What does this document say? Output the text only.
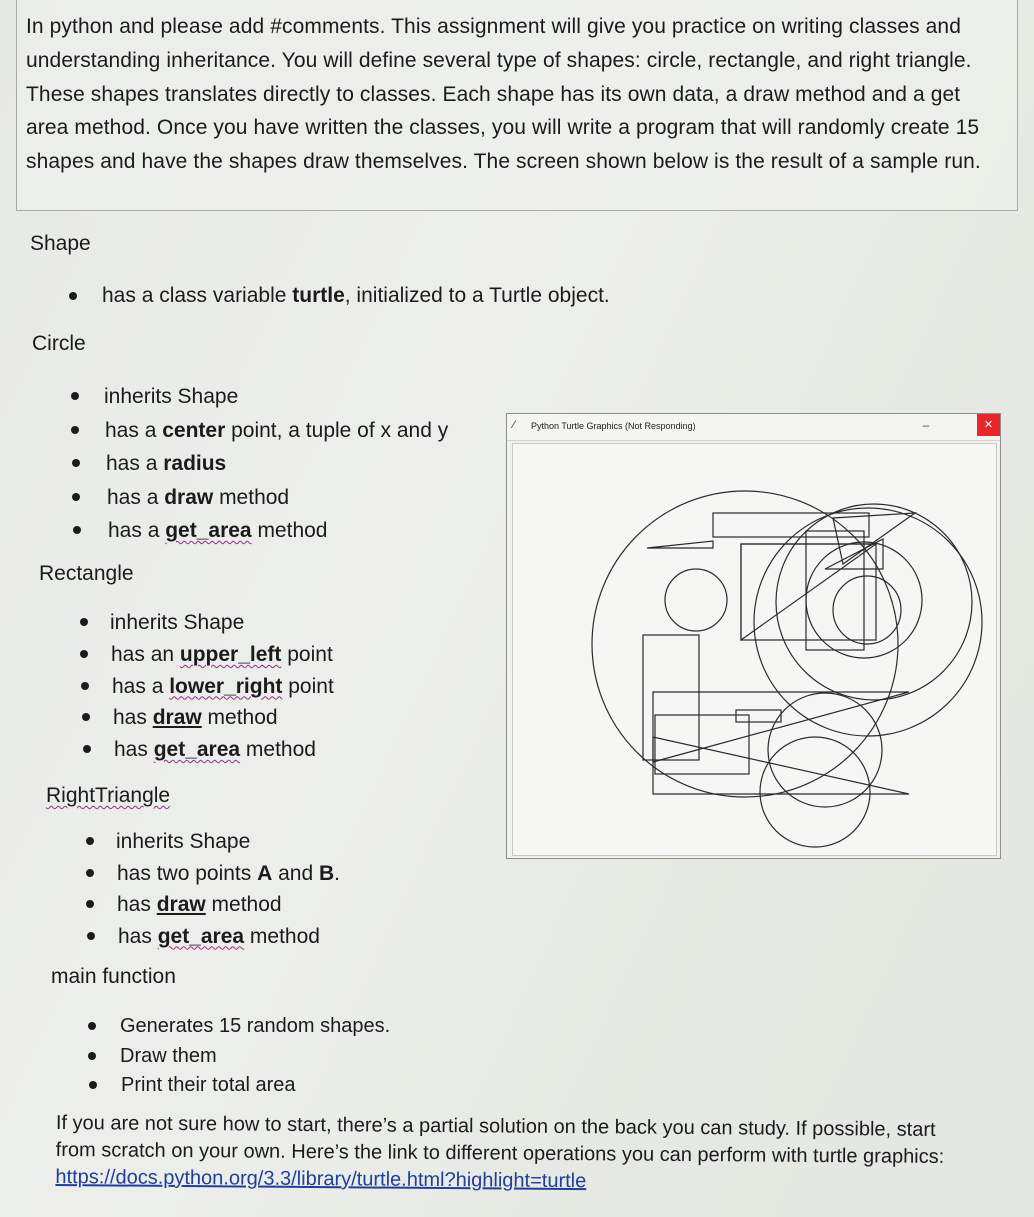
In python and please add #comments. This assignment will give you practice on writing classes and understanding inheritance. You will define several type of shapes: circle, rectangle, and right triangle. These shapes translates directly to classes. Each shape has its own data, a draw method and a get area method. Once you have written the classes, you will write a program that will randomly create 15 shapes and have the shapes draw themselves. The screen shown below is the result of a sample run.

Shape
has a class variable turtle, initialized to a Turtle object.
Circle
inherits Shape
has a center point, a tuple of x and y
has a radius
has a draw method
has a get_area method
Rectangle
inherits Shape
has an upper_left point
has a lower_right point
has draw method
has get_area method
RightTriangle
inherits Shape
has two points A and B.
has draw method
has get_area method
main function
Generates 15 random shapes.
Draw them
Print their total area

If you are not sure how to start, there’s a partial solution on the back you can study. If possible, start from scratch on your own. Here’s the link to different operations you can perform with turtle graphics: https://docs.python.org/3.3/library/turtle.html?highlight=turtle

⁄	Python Turtle Graphics (Not Responding)	–	✕
